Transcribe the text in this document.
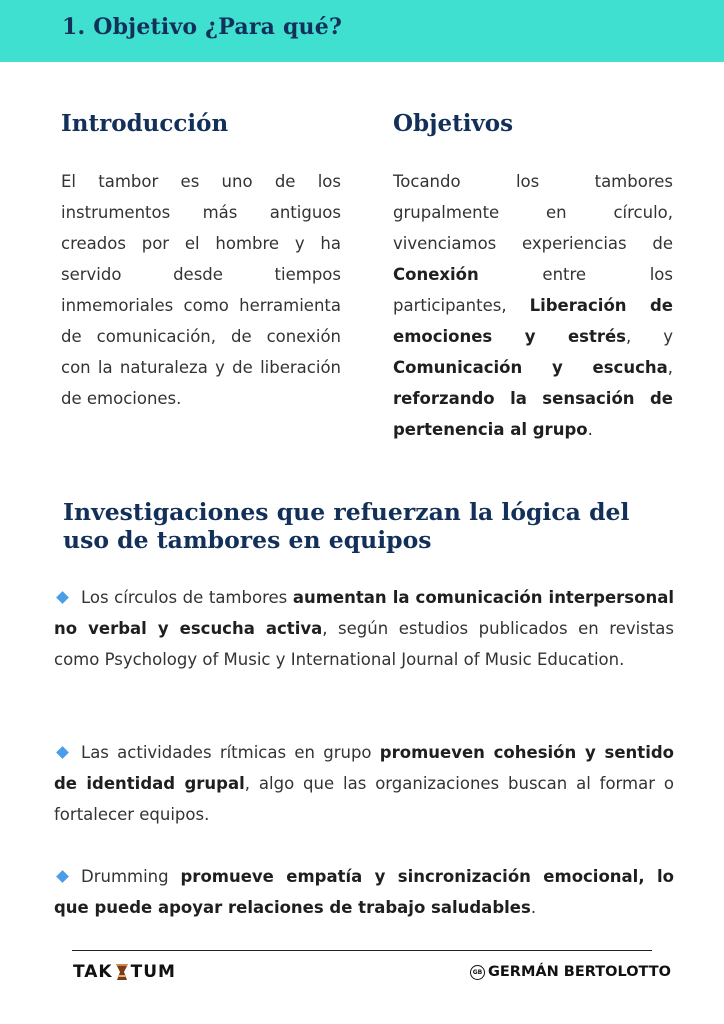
1. Objetivo ¿Para qué?
Introducción

El tambor es uno de los instrumentos más antiguos creados por el hombre y ha servido desde tiempos inmemoriales como herramienta de comunicación, de conexión con la naturaleza y de liberación de emociones.

Objetivos

Tocando los tambores grupalmente en círculo, vivenciamos experiencias de Conexión entre los participantes, Liberación de emociones y estrés, y Comunicación y escucha, reforzando la sensación de pertenencia al grupo.

Investigaciones que refuerzan la lógica del uso de tambores en equipos

Los círculos de tambores aumentan la comunicación interpersonal no verbal y escucha activa, según estudios publicados en revistas como Psychology of Music y International Journal of Music Education.

Las actividades rítmicas en grupo promueven cohesión y sentido de identidad grupal, algo que las organizaciones buscan al formar o fortalecer equipos.

Drumming promueve empatía y sincronización emocional, lo que puede apoyar relaciones de trabajo saludables.

TAK TUM	GB GERMÁN BERTOLOTTO
